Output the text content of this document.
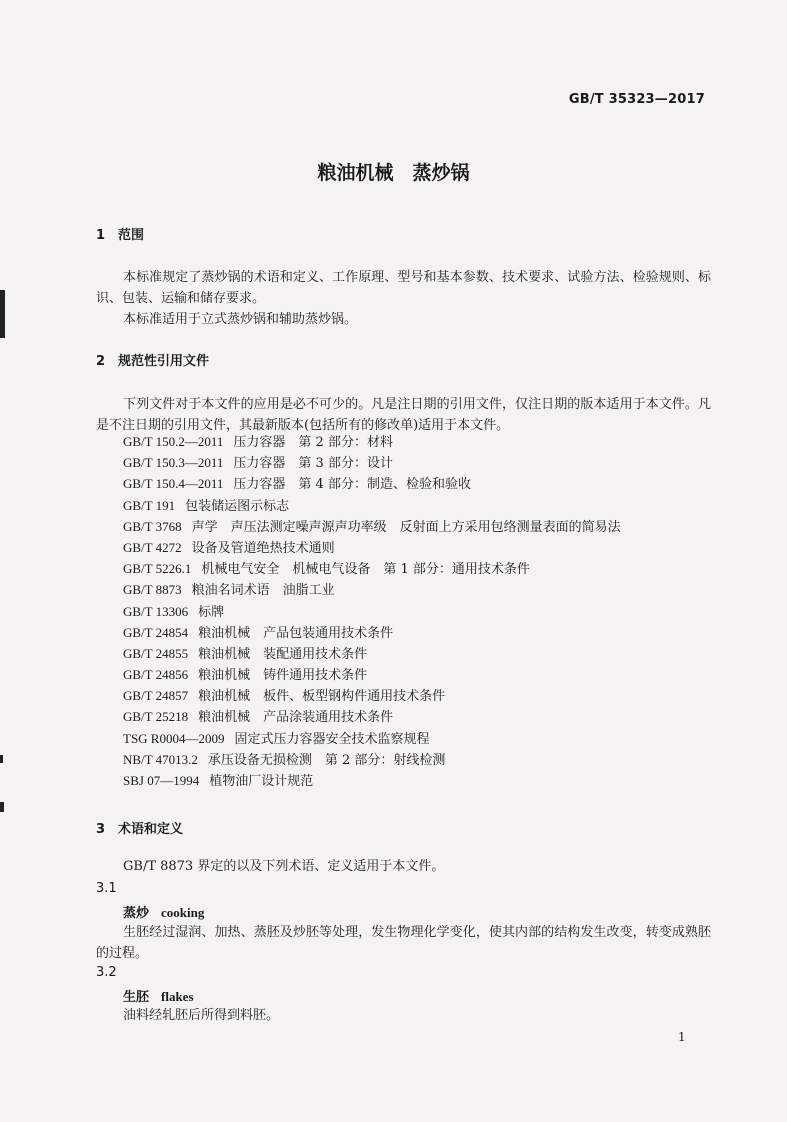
GB/T 35323—2017
粮油机械　蒸炒锅
1 范围
本标准规定了蒸炒锅的术语和定义、工作原理、型号和基本参数、技术要求、试验方法、检验规则、标识、包装、运输和储存要求。
本标准适用于立式蒸炒锅和辅助蒸炒锅。
2 规范性引用文件
下列文件对于本文件的应用是必不可少的。凡是注日期的引用文件，仅注日期的版本适用于本文件。凡是不注日期的引用文件，其最新版本(包括所有的修改单)适用于本文件。
GB/T 150.2—2011 压力容器　第 2 部分：材料
GB/T 150.3—2011 压力容器　第 3 部分：设计
GB/T 150.4—2011 压力容器　第 4 部分：制造、检验和验收
GB/T 191 包装储运图示标志
GB/T 3768 声学　声压法测定噪声源声功率级　反射面上方采用包络测量表面的简易法
GB/T 4272 设备及管道绝热技术通则
GB/T 5226.1 机械电气安全　机械电气设备　第 1 部分：通用技术条件
GB/T 8873 粮油名词术语　油脂工业
GB/T 13306 标牌
GB/T 24854 粮油机械　产品包装通用技术条件
GB/T 24855 粮油机械　装配通用技术条件
GB/T 24856 粮油机械　铸件通用技术条件
GB/T 24857 粮油机械　板件、板型钢构件通用技术条件
GB/T 25218 粮油机械　产品涂装通用技术条件
TSG R0004—2009 固定式压力容器安全技术监察规程
NB/T 47013.2 承压设备无损检测　第 2 部分：射线检测
SBJ 07—1994 植物油厂设计规范
3 术语和定义
GB/T 8873 界定的以及下列术语、定义适用于本文件。
3.1
蒸炒 cooking
生胚经过湿润、加热、蒸胚及炒胚等处理，发生物理化学变化，使其内部的结构发生改变，转变成熟胚的过程。
3.2
生胚 flakes
油料经轧胚后所得到料胚。
1
